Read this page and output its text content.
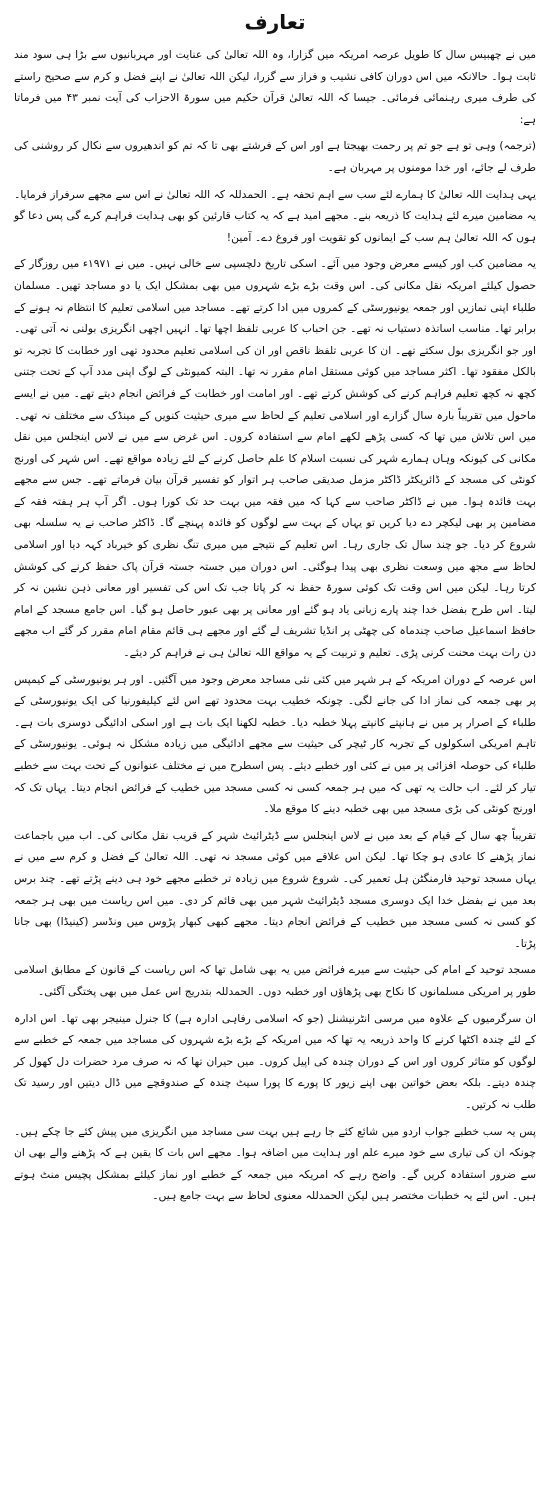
تعارف

میں نے چھبیس سال کا طویل عرصہ امریکہ میں گزارا، وہ اللہ تعالیٰ کی عنایت اور مہربانیوں سے بڑا ہی سود مند ثابت ہوا۔ حالانکہ میں اس دوران کافی نشیب و فراز سے گزرا، لیکن اللہ تعالیٰ نے اپنے فضل و کرم سے صحیح راستے کی طرف میری رہنمائی فرمائی۔ جیسا کہ اللہ تعالیٰ قرآن حکیم میں سورۃ الاحزاب کی آیت نمبر ۴۳ میں فرماتا ہے:

(ترجمہ) وہی تو ہے جو تم پر رحمت بھیجتا ہے اور اس کے فرشتے بھی تا کہ تم کو اندھیروں سے نکال کر روشنی کی طرف لے جائے، اور خدا مومنوں پر مہربان ہے۔

یہی ہدایت اللہ تعالیٰ کا ہمارے لئے سب سے اہم تحفہ ہے۔ الحمدللہ کہ اللہ تعالیٰ نے اس سے مجھے سرفراز فرمایا۔ یہ مضامین میرے لئے ہدایت کا ذریعہ بنے۔ مجھے امید ہے کہ یہ کتاب قارئین کو بھی ہدایت فراہم کرے گی پس دعا گو ہوں کہ اللہ تعالیٰ ہم سب کے ایمانوں کو تقویت اور فروغ دے۔ آمین!

یہ مضامین کب اور کیسے معرض وجود میں آئے۔ اسکی تاریخ دلچسپی سے خالی نہیں۔ میں نے ۱۹۷۱ء میں روزگار کے حصول کیلئے امریکہ نقل مکانی کی۔ اس وقت بڑے بڑے شہروں میں بھی بمشکل ایک یا دو مساجد تھیں۔ مسلمان طلباء اپنی نمازیں اور جمعہ یونیورسٹی کے کمروں میں ادا کرتے تھے۔ مساجد میں اسلامی تعلیم کا انتظام نہ ہونے کے برابر تھا۔ مناسب اساتذہ دستیاب نہ تھے۔ جن احباب کا عربی تلفظ اچھا تھا۔ انہیں اچھی انگریزی بولنی نہ آتی تھی۔ اور جو انگریزی بول سکتے تھے۔ ان کا عربی تلفظ ناقص اور ان کی اسلامی تعلیم محدود تھی اور خطابت کا تجربہ تو بالکل مفقود تھا۔ اکثر مساجد میں کوئی مستقل امام مقرر نہ تھا۔ البتہ کمیونٹی کے لوگ اپنی مدد آپ کے تحت جتنی کچھ نہ کچھ تعلیم فراہم کرنے کی کوشش کرتے تھے۔ اور امامت اور خطابت کے فرائض انجام دیتے تھے۔ میں نے ایسے ماحول میں تقریباً بارہ سال گزارے اور اسلامی تعلیم کے لحاظ سے میری حیثیت کنویں کے مینڈک سے مختلف نہ تھی۔ میں اس تلاش میں تھا کہ کسی پڑھے لکھے امام سے استفادہ کروں۔ اس غرض سے میں نے لاس اینجلس میں نقل مکانی کی کیونکہ وہاں ہمارے شہر کی نسبت اسلام کا علم حاصل کرنے کے لئے زیادہ مواقع تھے۔ اس شہر کی اورنج کونٹی کی مسجد کے ڈائریکٹر ڈاکٹر مزمل صدیقی صاحب ہر اتوار کو تفسیر قرآن بیان فرماتے تھے۔ جس سے مجھے بہت فائدہ ہوا۔ میں نے ڈاکٹر صاحب سے کہا کہ میں فقہ میں بہت حد تک کورا ہوں۔ اگر آپ ہر ہفتہ فقہ کے مضامین پر بھی لیکچر دے دیا کریں تو یہاں کے بہت سے لوگوں کو فائدہ پہنچے گا۔ ڈاکٹر صاحب نے یہ سلسلہ بھی شروع کر دیا۔ جو چند سال تک جاری رہا۔ اس تعلیم کے نتیجے میں میری تنگ نظری کو خیرباد کہہ دیا اور اسلامی لحاظ سے مجھ میں وسعت نظری بھی پیدا ہوگئی۔ اس دوران میں جستہ جستہ قرآن پاک حفظ کرنے کی کوشش کرتا رہا۔ لیکن میں اس وقت تک کوئی سورۃ حفظ نہ کر پاتا جب تک اس کی تفسیر اور معانی ذہن نشین نہ کر لیتا۔ اس طرح بفضل خدا چند پارے زبانی یاد ہو گئے اور معانی پر بھی عبور حاصل ہو گیا۔ اس جامع مسجد کے امام حافظ اسماعیل صاحب چندماہ کی چھٹی پر انڈیا تشریف لے گئے اور مجھے ہی قائم مقام امام مقرر کر گئے اب مجھے دن رات بہت محنت کرنی پڑی۔ تعلیم و تربیت کے یہ مواقع اللہ تعالیٰ ہی نے فراہم کر دیئے۔

اس عرصہ کے دوران امریکہ کے ہر شہر میں کئی نئی مساجد معرض وجود میں آگئیں۔ اور ہر یونیورسٹی کے کیمپس پر بھی جمعہ کی نماز ادا کی جانے لگی۔ چونکہ خطیب بہت محدود تھے اس لئے کیلیفورنیا کی ایک یونیورسٹی کے طلباء کے اصرار پر میں نے ہانپتے کانپتے پہلا خطبہ دیا۔ خطبہ لکھنا ایک بات ہے اور اسکی ادائیگی دوسری بات ہے۔ تاہم امریکی اسکولوں کے تجربہ کار ٹیچر کی حیثیت سے مجھے ادائیگی میں زیادہ مشکل نہ ہوئی۔ یونیورسٹی کے طلباء کی حوصلہ افزائی پر میں نے کئی اور خطبے دیئے۔ پس اسطرح میں نے مختلف عنوانوں کے تحت بہت سے خطبے تیار کر لئے۔ اب حالت یہ تھی کہ میں ہر جمعہ کسی نہ کسی مسجد میں خطیب کے فرائض انجام دیتا۔ یہاں تک کہ اورنج کونٹی کی بڑی مسجد میں بھی خطبہ دینے کا موقع ملا۔

تقریباً چھ سال کے قیام کے بعد میں نے لاس اینجلس سے ڈیٹرائیٹ شہر کے قریب نقل مکانی کی۔ اب میں باجماعت نماز پڑھنے کا عادی ہو چکا تھا۔ لیکن اس علاقے میں کوئی مسجد نہ تھی۔ اللہ تعالیٰ کے فضل و کرم سے میں نے یہاں مسجد توحید فارمنگٹن ہل تعمیر کی۔ شروع شروع میں زیادہ تر خطبے مجھے خود ہی دینے پڑتے تھے۔ چند برس بعد میں نے بفضل خدا ایک دوسری مسجد ڈیٹرائیٹ شہر میں بھی قائم کر دی۔ میں اس ریاست میں بھی ہر جمعہ کو کسی نہ کسی مسجد میں خطیب کے فرائض انجام دیتا۔ مجھے کبھی کبھار پڑوس میں ونڈسر (کینیڈا) بھی جانا پڑتا۔

مسجد توحید کے امام کی حیثیت سے میرے فرائض میں یہ بھی شامل تھا کہ اس ریاست کے قانون کے مطابق اسلامی طور پر امریکی مسلمانوں کا نکاح بھی پڑھاؤں اور خطبہ دوں۔ الحمدللہ بتدریج اس عمل میں بھی پختگی آگئی۔

ان سرگرمیوں کے علاوہ میں مرسی انٹرنیشنل (جو کہ اسلامی رفاہی ادارہ ہے) کا جنرل مینیجر بھی تھا۔ اس ادارہ کے لئے چندہ اکٹھا کرنے کا واحد ذریعہ یہ تھا کہ میں امریکہ کے بڑے بڑے شہروں کی مساجد میں جمعہ کے خطبے سے لوگوں کو متاثر کروں اور اس کے دوران چندہ کی اپیل کروں۔ میں حیران تھا کہ نہ صرف مرد حضرات دل کھول کر چندہ دیتے۔ بلکہ بعض خواتین بھی اپنے زیور کا پورے کا پورا سیٹ چندہ کے صندوقچے میں ڈال دیتیں اور رسید تک طلب نہ کرتیں۔

پس یہ سب خطبے جواب اردو میں شائع کئے جا رہے ہیں بہت سی مساجد میں انگریزی میں پیش کئے جا چکے ہیں۔ چونکہ ان کی تیاری سے خود میرے علم اور ہدایت میں اضافہ ہوا۔ مجھے اس بات کا یقین ہے کہ پڑھنے والے بھی ان سے ضرور استفادہ کریں گے۔ واضح رہے کہ امریکہ میں جمعہ کے خطبے اور نماز کیلئے بمشکل پچیس منٹ ہوتے ہیں۔ اس لئے یہ خطبات مختصر ہیں لیکن الحمدللہ معنوی لحاظ سے بہت جامع ہیں۔
